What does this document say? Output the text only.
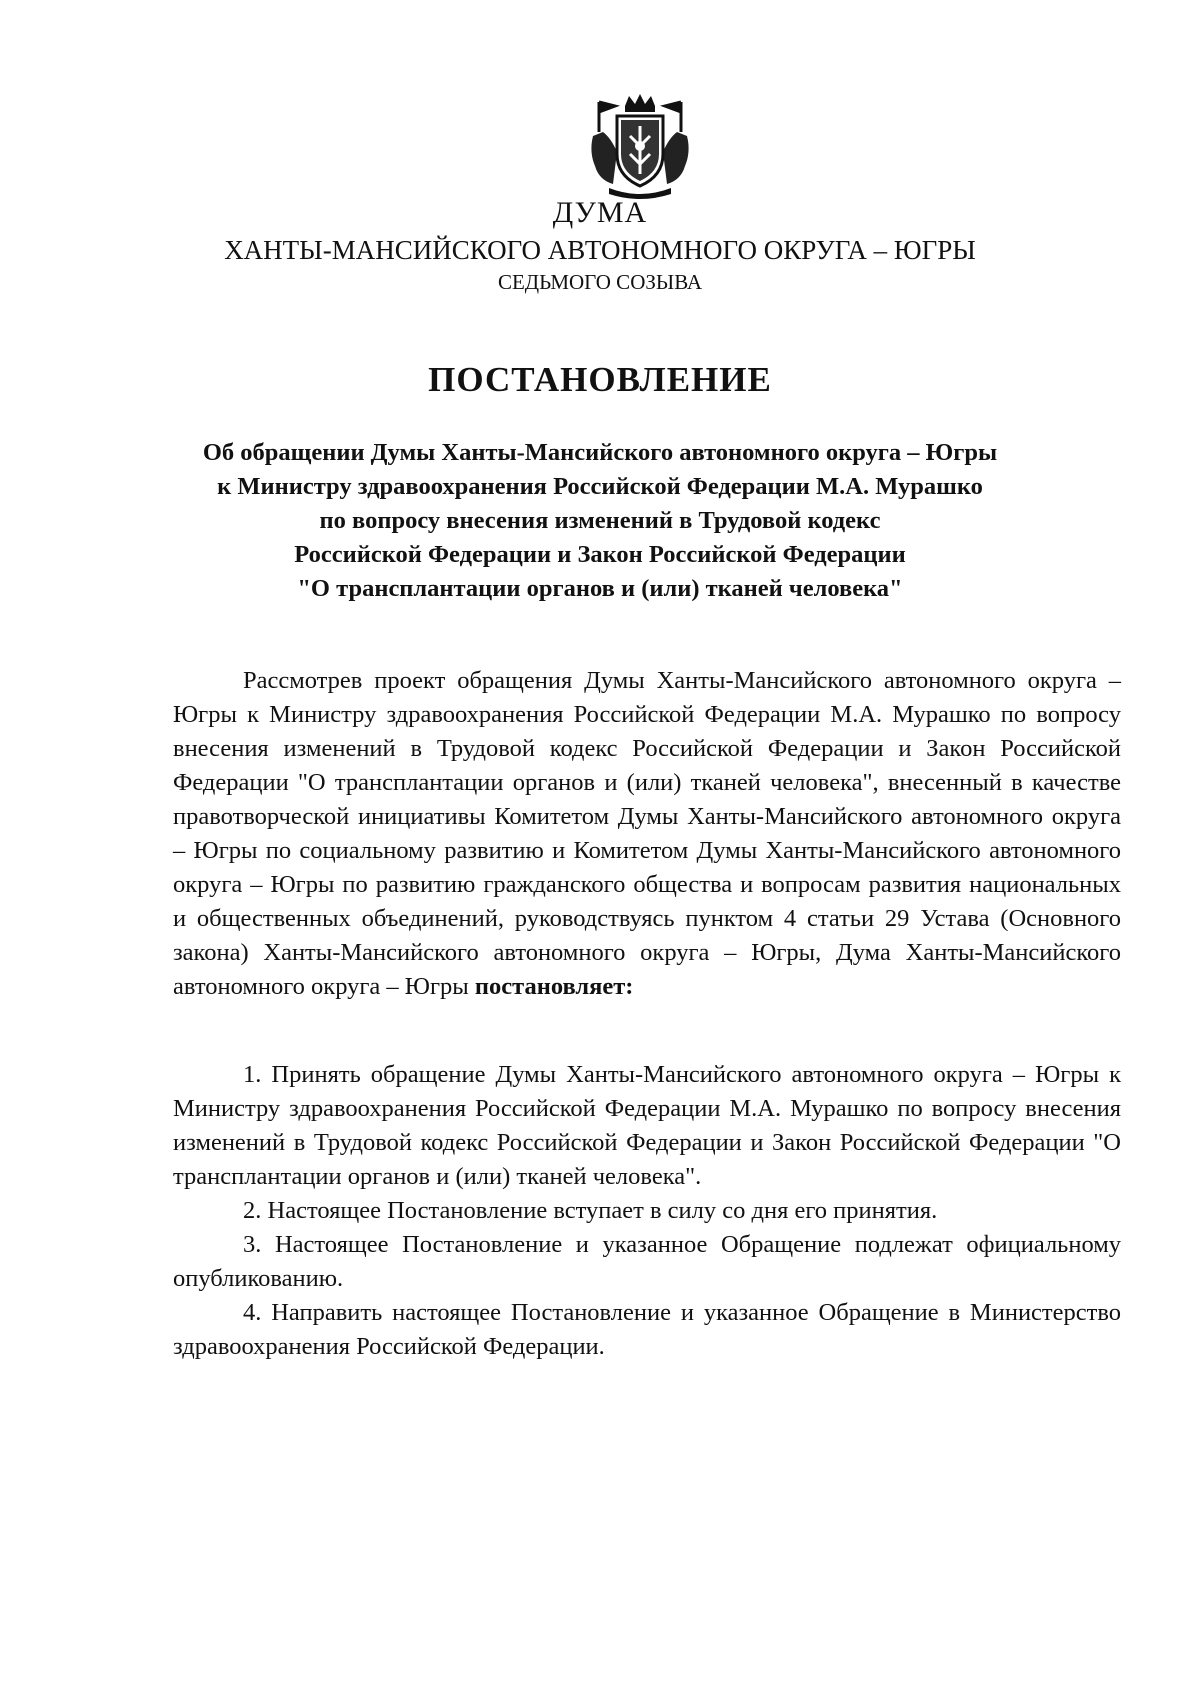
ДУМА
ХАНТЫ-МАНСИЙСКОГО АВТОНОМНОГО ОКРУГА – ЮГРЫ
СЕДЬМОГО СОЗЫВА
ПОСТАНОВЛЕНИЕ
Об обращении Думы Ханты-Мансийского автономного округа – Югры
к Министру здравоохранения Российской Федерации М.А. Мурашко
по вопросу внесения изменений в Трудовой кодекс
Российской Федерации и Закон Российской Федерации
"О трансплантации органов и (или) тканей человека"

Рассмотрев проект обращения Думы Ханты-Мансийского автономного округа – Югры к Министру здравоохранения Российской Федерации М.А. Мурашко по вопросу внесения изменений в Трудовой кодекс Российской Федерации и Закон Российской Федерации "О трансплантации органов и (или) тканей человека", внесенный в качестве правотворческой инициативы Комитетом Думы Ханты-Мансийского автономного округа – Югры по социальному развитию и Комитетом Думы Ханты-Мансийского автономного округа – Югры по развитию гражданского общества и вопросам развития национальных и общественных объединений, руководствуясь пунктом 4 статьи 29 Устава (Основного закона) Ханты-Мансийского автономного округа – Югры, Дума Ханты-Мансийского автономного округа – Югры постановляет:

1. Принять обращение Думы Ханты-Мансийского автономного округа – Югры к Министру здравоохранения Российской Федерации М.А. Мурашко по вопросу внесения изменений в Трудовой кодекс Российской Федерации и Закон Российской Федерации "О трансплантации органов и (или) тканей человека".

2. Настоящее Постановление вступает в силу со дня его принятия.

3. Настоящее Постановление и указанное Обращение подлежат официальному опубликованию.

4. Направить настоящее Постановление и указанное Обращение в Министерство здравоохранения Российской Федерации.
